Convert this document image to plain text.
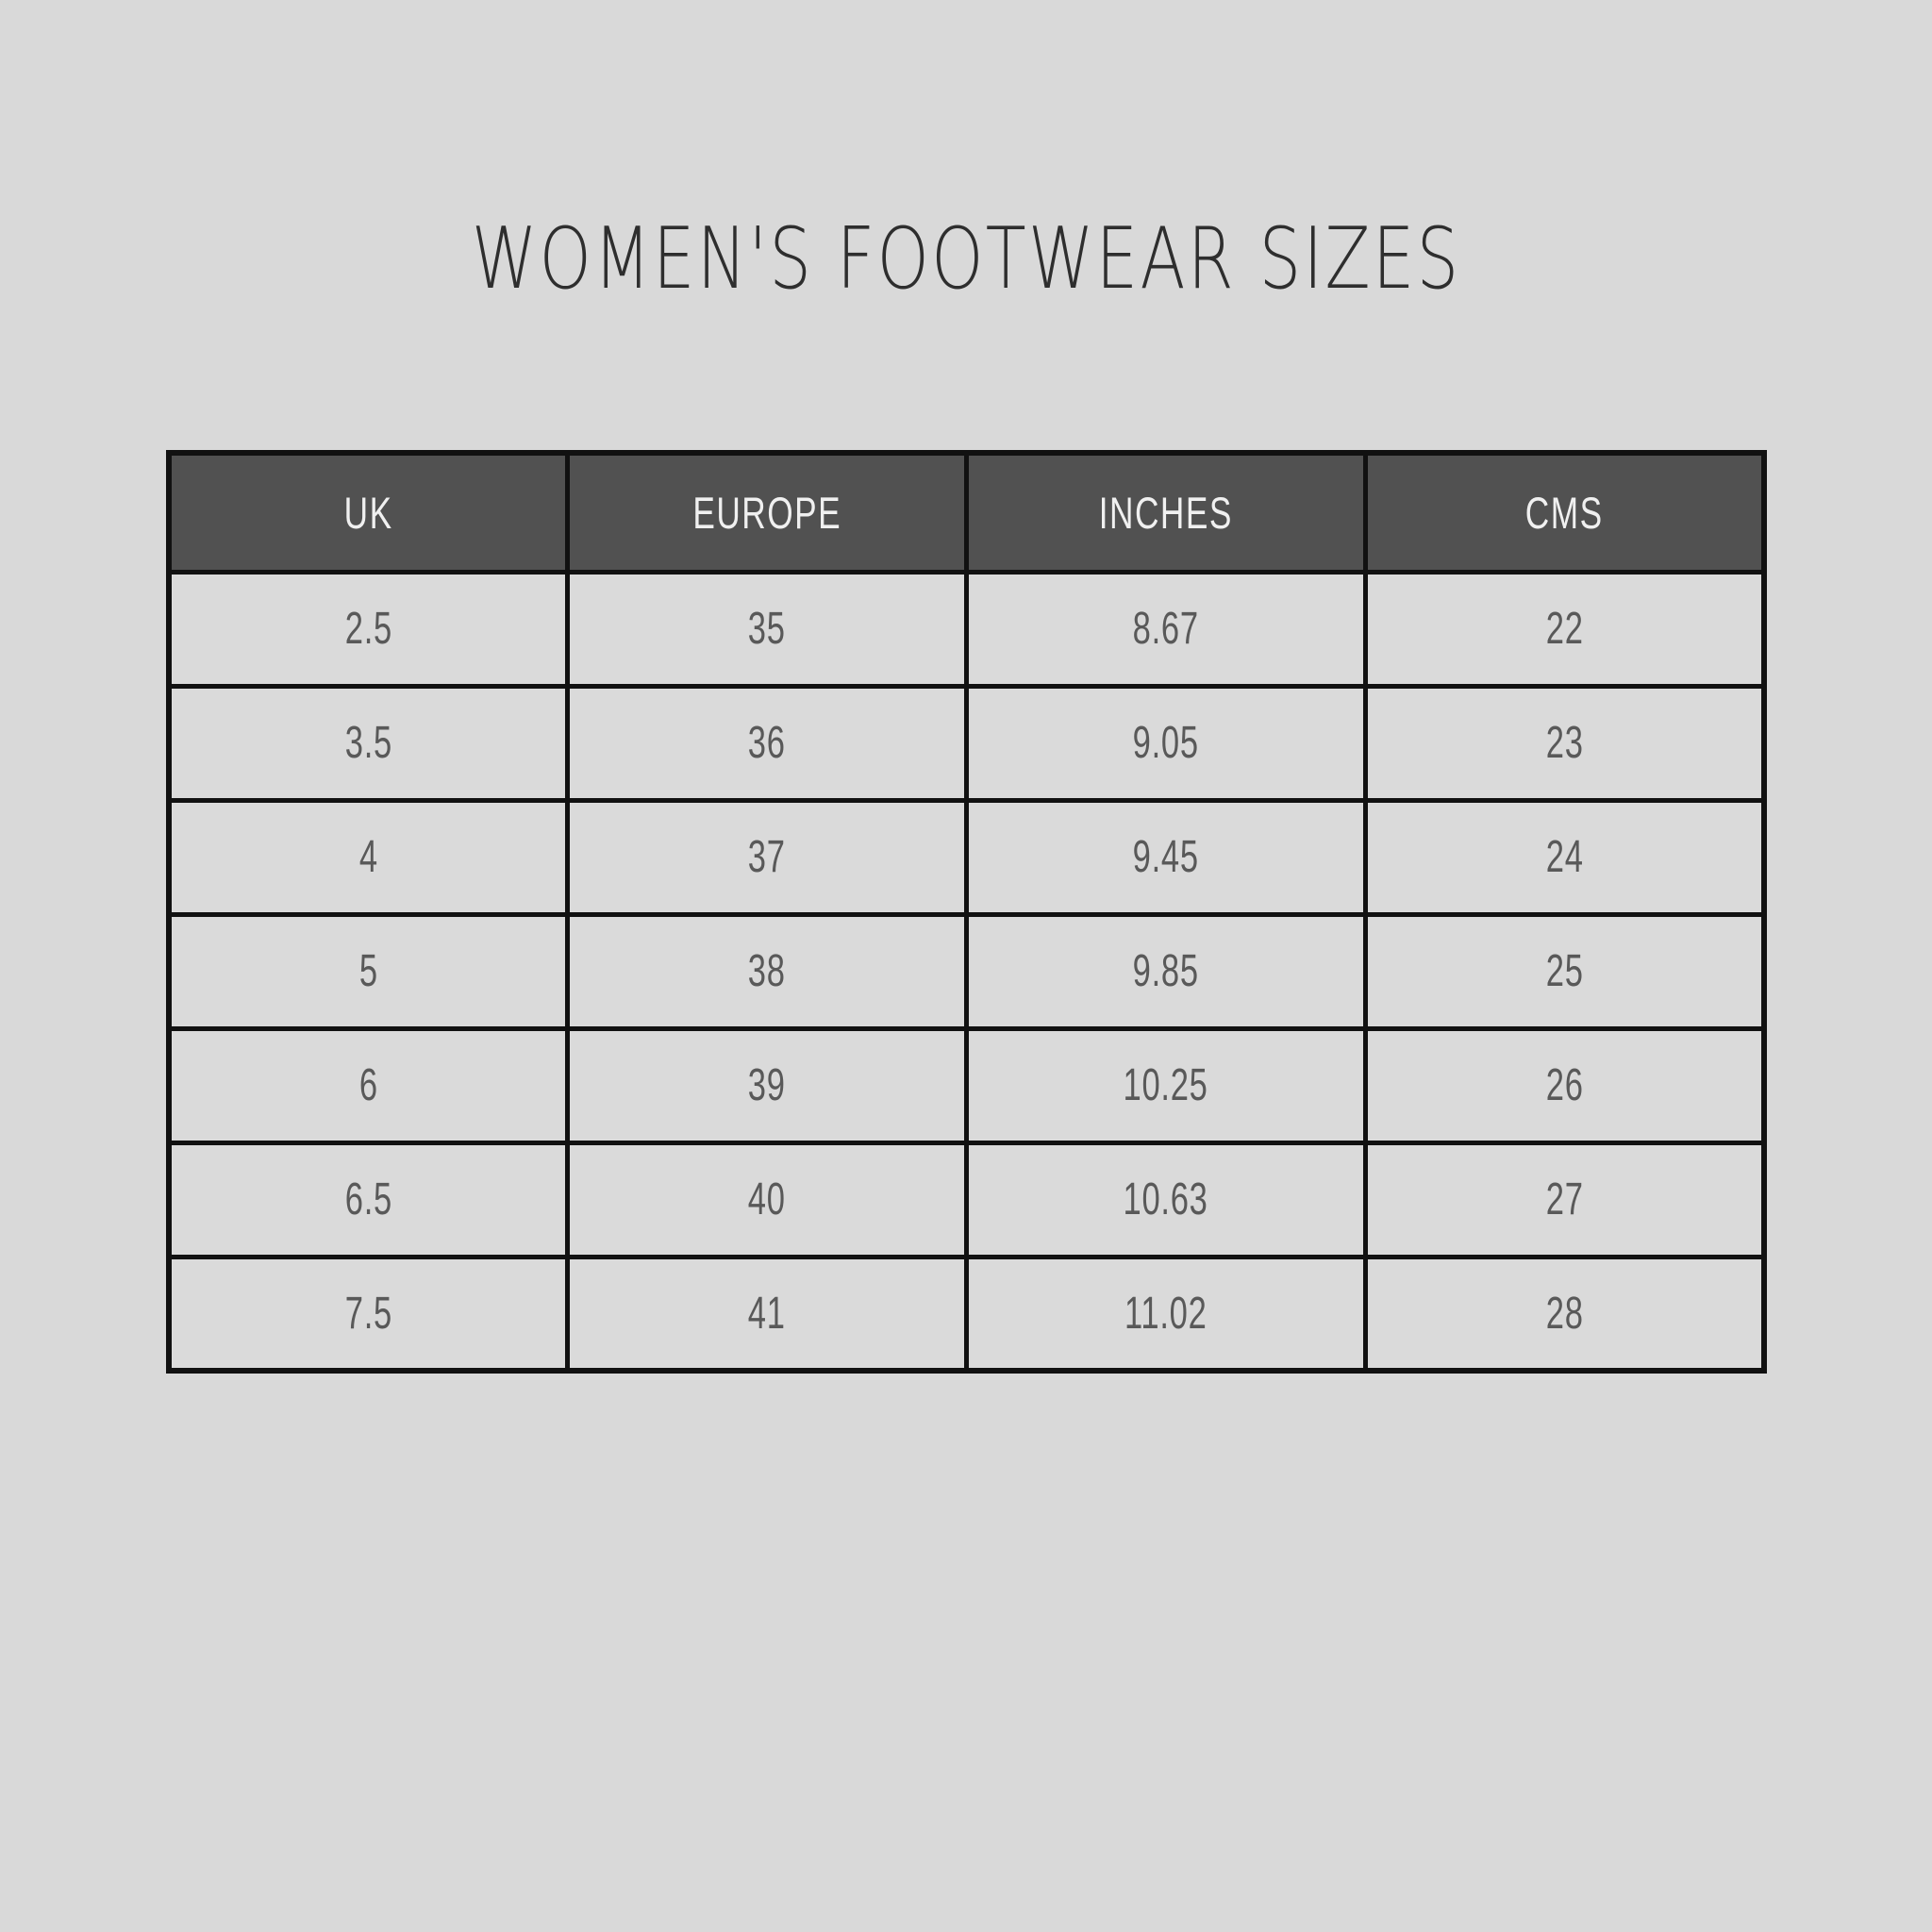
WOMEN'S FOOTWEAR SIZES
UK	EUROPE	INCHES	CMS
2.5	35	8.67	22
3.5	36	9.05	23
4	37	9.45	24
5	38	9.85	25
6	39	10.25	26
6.5	40	10.63	27
7.5	41	11.02	28
